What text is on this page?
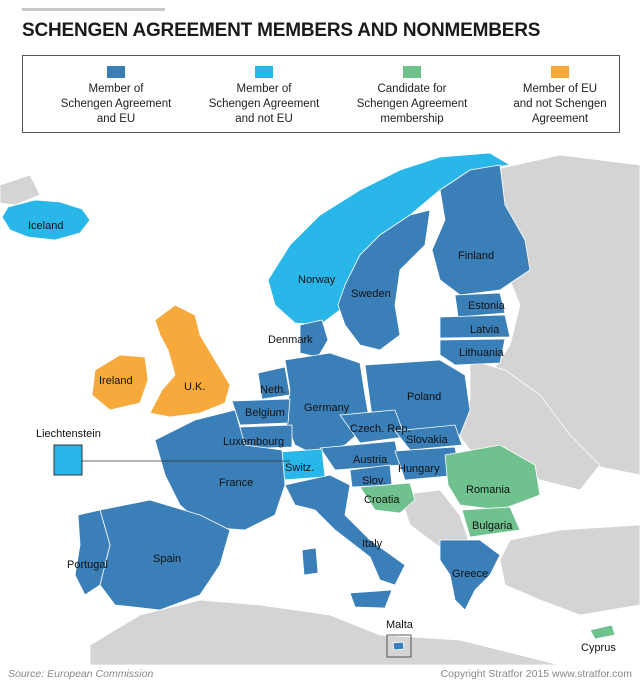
SCHENGEN AGREEMENT MEMBERS AND NONMEMBERS
Member of
Schengen Agreement
and EU
Member of
Schengen Agreement
and not EU
Candidate for
Schengen Agreement
membership
Member of EU
and not Schengen
Agreement
Iceland
Norway
Sweden
Finland
Estonia
Latvia
Lithuania
Denmark
Ireland	U.K.	Neth.
Belgium
Luxembourg
Germany
Poland
Czech. Rep.
Slovakia
Austria
Hungary
Switz.
Liechtenstein
France	Slov.
Croatia
Romania
Bulgaria
Italy
Spain
Portugal
Greece
Malta
Cyprus
Source: European Commission	Copyright Stratfor 2015 www.stratfor.com
